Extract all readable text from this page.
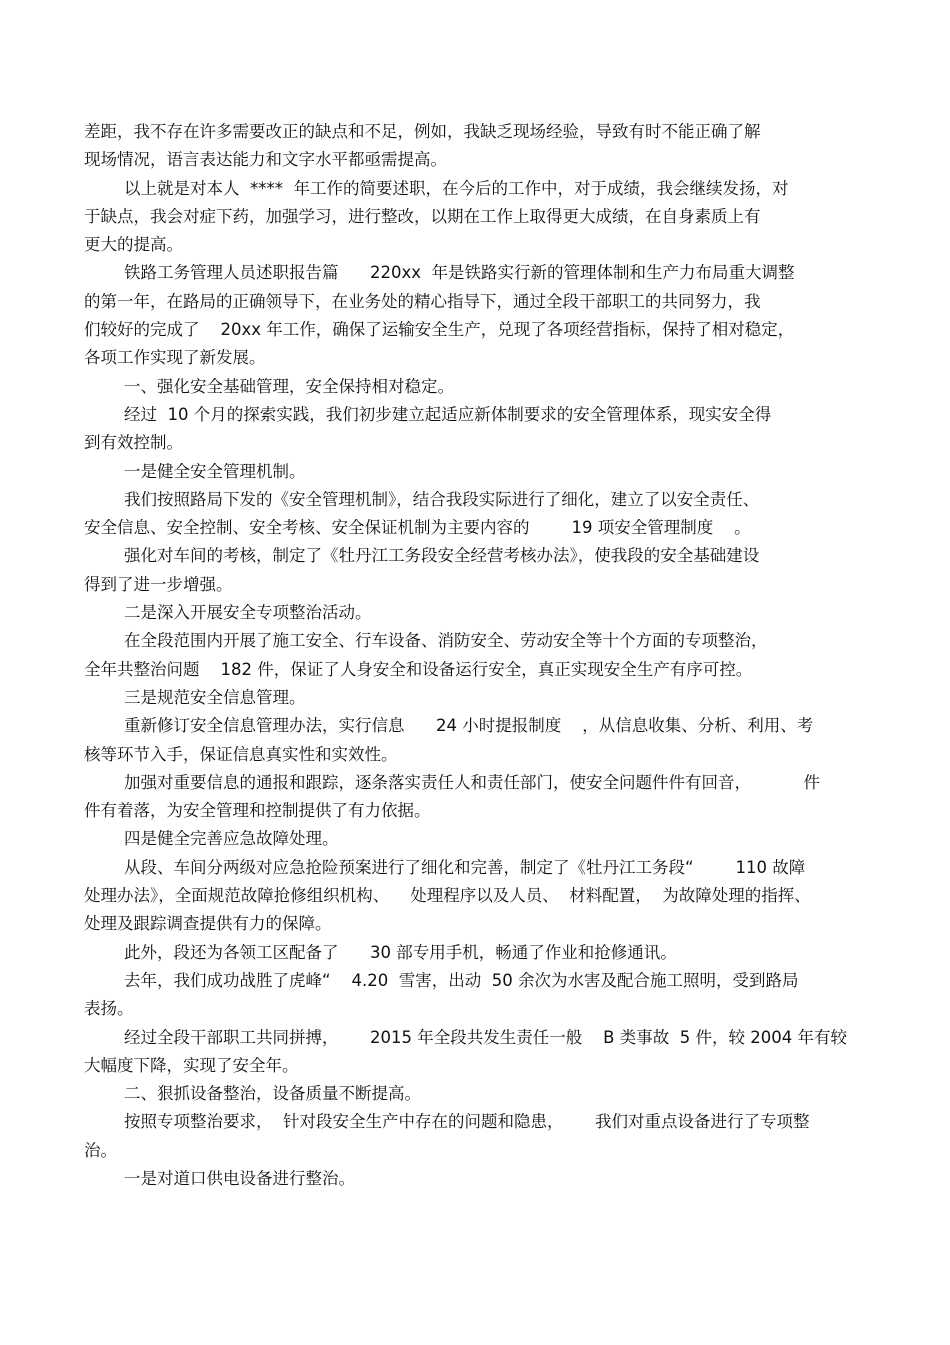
差距，我不存在许多需要改正的缺点和不足，例如，我缺乏现场经验，导致有时不能正确了解
现场情况，语言表达能力和文字水平都亟需提高。
以上就是对本人  ****  年工作的简要述职，在今后的工作中，对于成绩，我会继续发扬，对
于缺点，我会对症下药，加强学习，进行整改，以期在工作上取得更大成绩，在自身素质上有
更大的提高。
铁路工务管理人员述职报告篇      220xx  年是铁路实行新的管理体制和生产力布局重大调整
的第一年，在路局的正确领导下，在业务处的精心指导下，通过全段干部职工的共同努力，我
们较好的完成了    20xx 年工作，确保了运输安全生产，兑现了各项经营指标，保持了相对稳定，
各项工作实现了新发展。
一、强化安全基础管理，安全保持相对稳定。
经过  10 个月的探索实践，我们初步建立起适应新体制要求的安全管理体系，现实安全得
到有效控制。
一是健全安全管理机制。
我们按照路局下发的《安全管理机制》，结合我段实际进行了细化，建立了以安全责任、
安全信息、安全控制、安全考核、安全保证机制为主要内容的        19 项安全管理制度    。
强化对车间的考核，制定了《牡丹江工务段安全经营考核办法》，使我段的安全基础建设
得到了进一步增强。
二是深入开展安全专项整治活动。
在全段范围内开展了施工安全、行车设备、消防安全、劳动安全等十个方面的专项整治，
全年共整治问题    182 件，保证了人身安全和设备运行安全，真正实现安全生产有序可控。
三是规范安全信息管理。
重新修订安全信息管理办法，实行信息      24 小时提报制度    ，从信息收集、分析、利用、考
核等环节入手，保证信息真实性和实效性。
加强对重要信息的通报和跟踪，逐条落实责任人和责任部门，使安全问题件件有回音，          件
件有着落，为安全管理和控制提供了有力依据。
四是健全完善应急故障处理。
从段、车间分两级对应急抢险预案进行了细化和完善，制定了《牡丹江工务段“        110 故障
处理办法》，全面规范故障抢修组织机构、    处理程序以及人员、  材料配置，  为故障处理的指挥、
处理及跟踪调查提供有力的保障。
此外，段还为各领工区配备了      30 部专用手机，畅通了作业和抢修通讯。
去年，我们成功战胜了虎峰“    4.20  雪害，出动  50 余次为水害及配合施工照明，受到路局
表扬。
经过全段干部职工共同拼搏，      2015 年全段共发生责任一般    B 类事故  5 件，较 2004 年有较
大幅度下降，实现了安全年。
二、狠抓设备整治，设备质量不断提高。
按照专项整治要求，  针对段安全生产中存在的问题和隐患，      我们对重点设备进行了专项整
治。
一是对道口供电设备进行整治。
